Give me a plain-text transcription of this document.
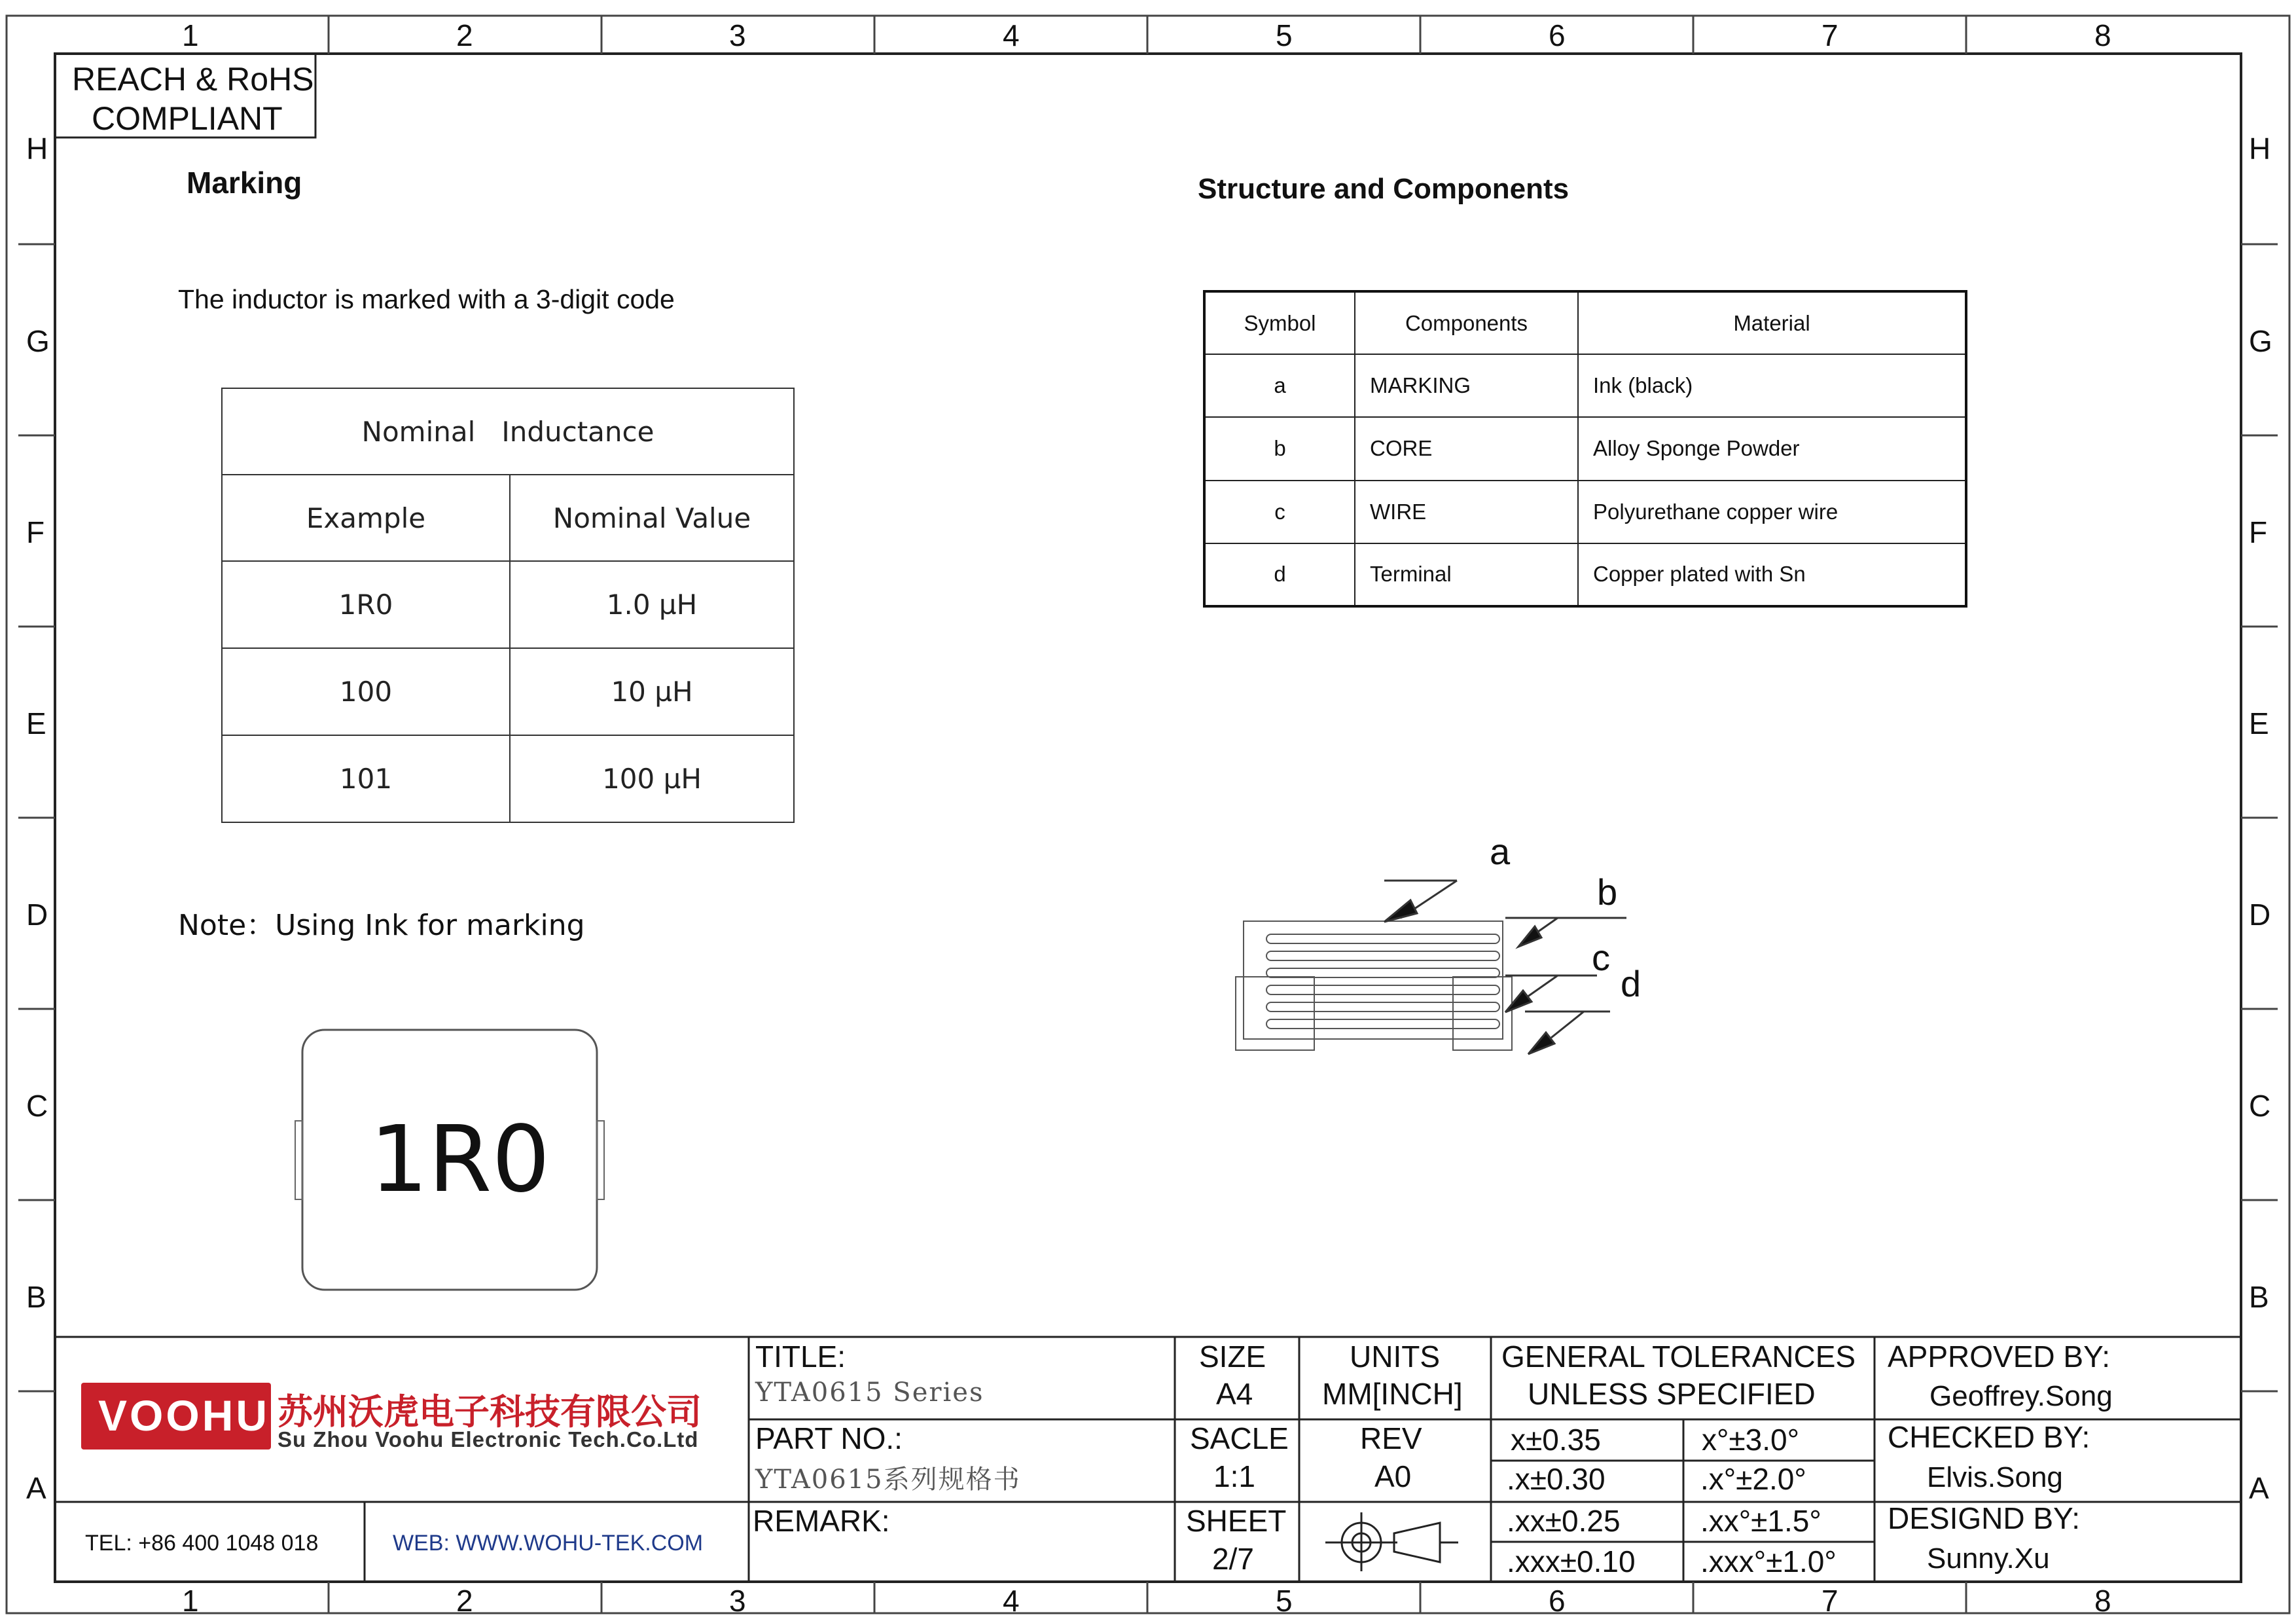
1	2	3	4	5	6	7	8
1	2	3	4	5	6	7	8
H
G
F
E
D
C
B
A
H
G
F
E
D
C
B
A
REACH & RoHS
COMPLIANT
Marking
The inductor is marked with a 3-digit code
Nominal   Inductance	
Example	Nominal Value
1R0	1.0 µH
100	10 µH
101	100 µH
Note：Using Ink for marking
1R0
Structure and Components
Symbol	Components	Material
a	MARKING	Ink (black)
b	CORE	Alloy Sponge Powder
c	WIRE	Polyurethane copper wire
d	Terminal	Copper plated with Sn
a
b
c
d
VOOHU 苏州沃虎电子科技有限公司
Su Zhou Voohu Electronic Tech.Co.Ltd
TEL: +86 400 1048 018	WEB: WWW.WOHU-TEK.COM
TITLE:
YTA0615 Series
PART NO.:
YTA0615系列规格书
REMARK:
SIZE
A4
SACLE
1:1
SHEET
2/7
UNITS
MM[INCH]
REV
A0
GENERAL TOLERANCES
UNLESS SPECIFIED
x±0.35	x°±3.0°
.x±0.30	.x°±2.0°
.xx±0.25	.xx°±1.5°
.xxx±0.10 .xxx°±1.0°
APPROVED BY:
Geoffrey.Song
CHECKED BY:
Elvis.Song
DESIGND BY:
Sunny.Xu
